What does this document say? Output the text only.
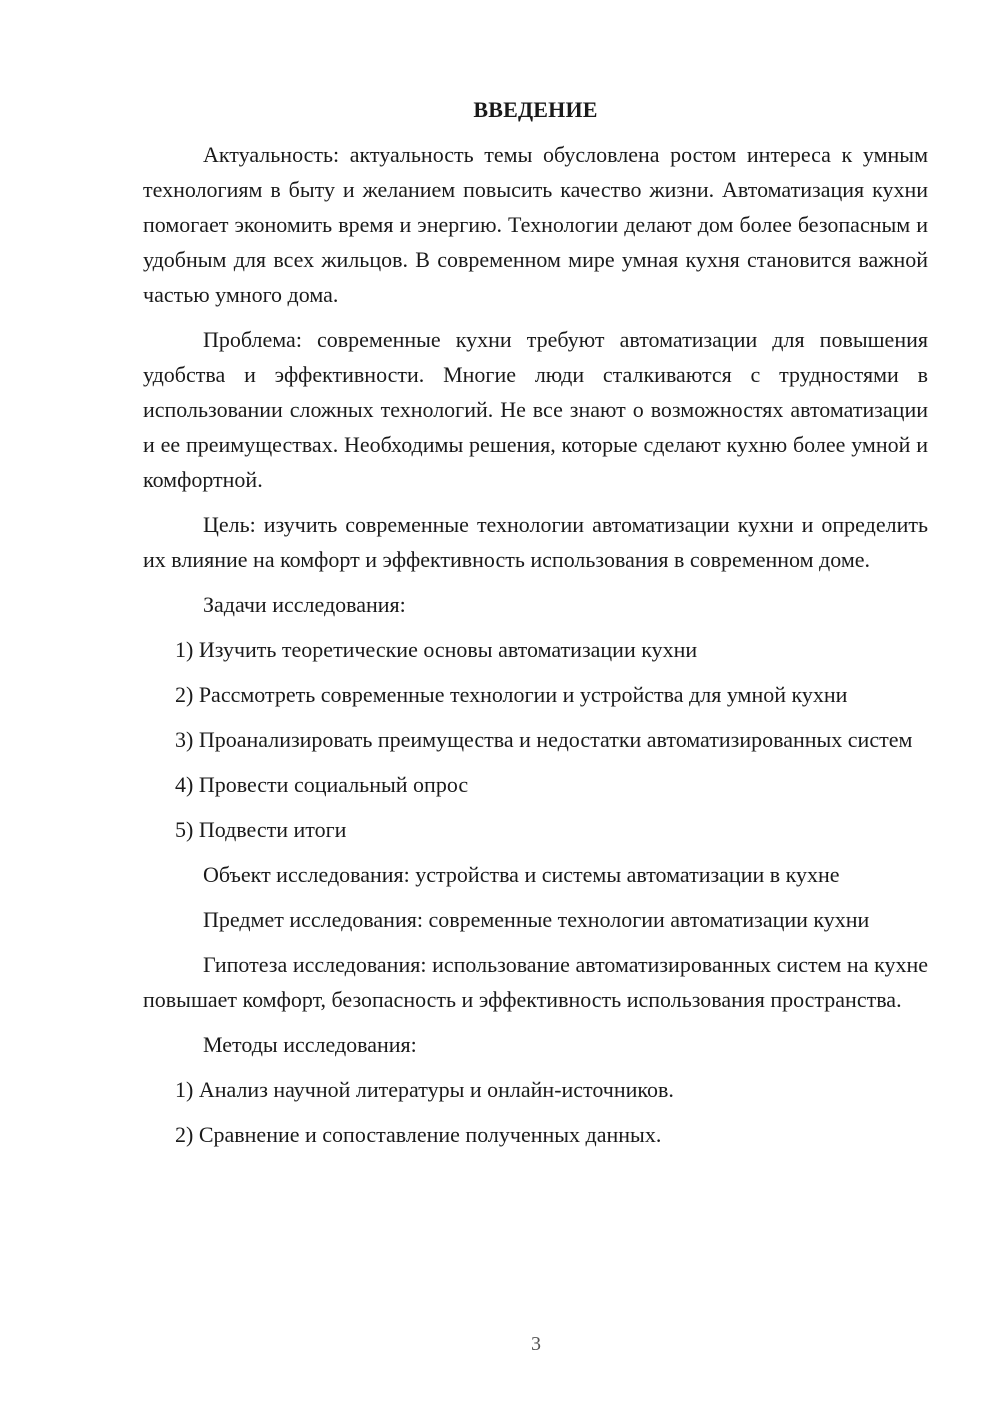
ВВЕДЕНИЕ

Актуальность: актуальность темы обусловлена ростом интереса к умным технологиям в быту и желанием повысить качество жизни. Автоматизация кухни помогает экономить время и энергию. Технологии делают дом более безопасным и удобным для всех жильцов. В современном мире умная кухня становится важной частью умного дома.

Проблема: современные кухни требуют автоматизации для повышения удобства и эффективности. Многие люди сталкиваются с трудностями в использовании сложных технологий. Не все знают о возможностях автоматизации и ее преимуществах. Необходимы решения, которые сделают кухню более умной и комфортной.

Цель: изучить современные технологии автоматизации кухни и определить их влияние на комфорт и эффективность использования в современном доме.

Задачи исследования:

1) Изучить теоретические основы автоматизации кухни

2) Рассмотреть современные технологии и устройства для умной кухни

3) Проанализировать преимущества и недостатки автоматизированных систем

4) Провести социальный опрос

5) Подвести итоги

Объект исследования: устройства и системы автоматизации в кухне

Предмет исследования: современные технологии автоматизации кухни

Гипотеза исследования: использование автоматизированных систем на кухне повышает комфорт, безопасность и эффективность использования пространства.

Методы исследования:

1) Анализ научной литературы и онлайн-источников.

2) Сравнение и сопоставление полученных данных.

3
